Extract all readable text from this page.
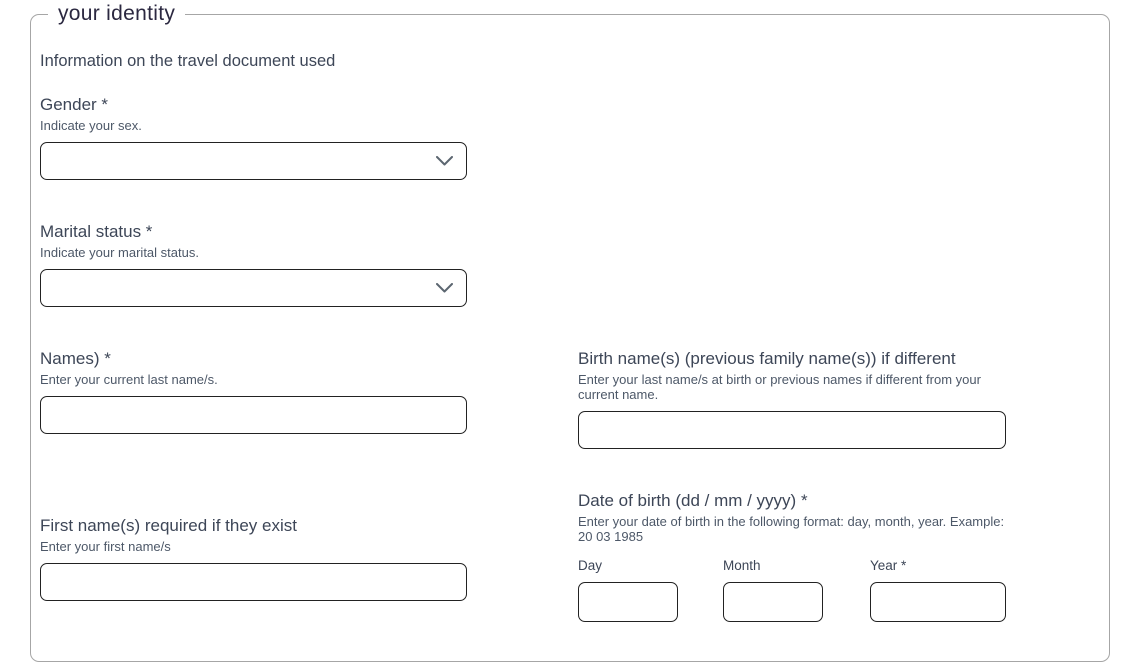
your identity

Information on the travel document used

Gender *
Indicate your sex.
Marital status *
Indicate your marital status.
Names) *
Enter your current last name/s.
Birth name(s) (previous family name(s)) if different
Enter your last name/s at birth or previous names if different from your current name.
First name(s) required if they exist
Enter your first name/s
Date of birth (dd / mm / yyyy) *
Enter your date of birth in the following format: day, month, year. Example: 20 03 1985
Day	Month	Year *
